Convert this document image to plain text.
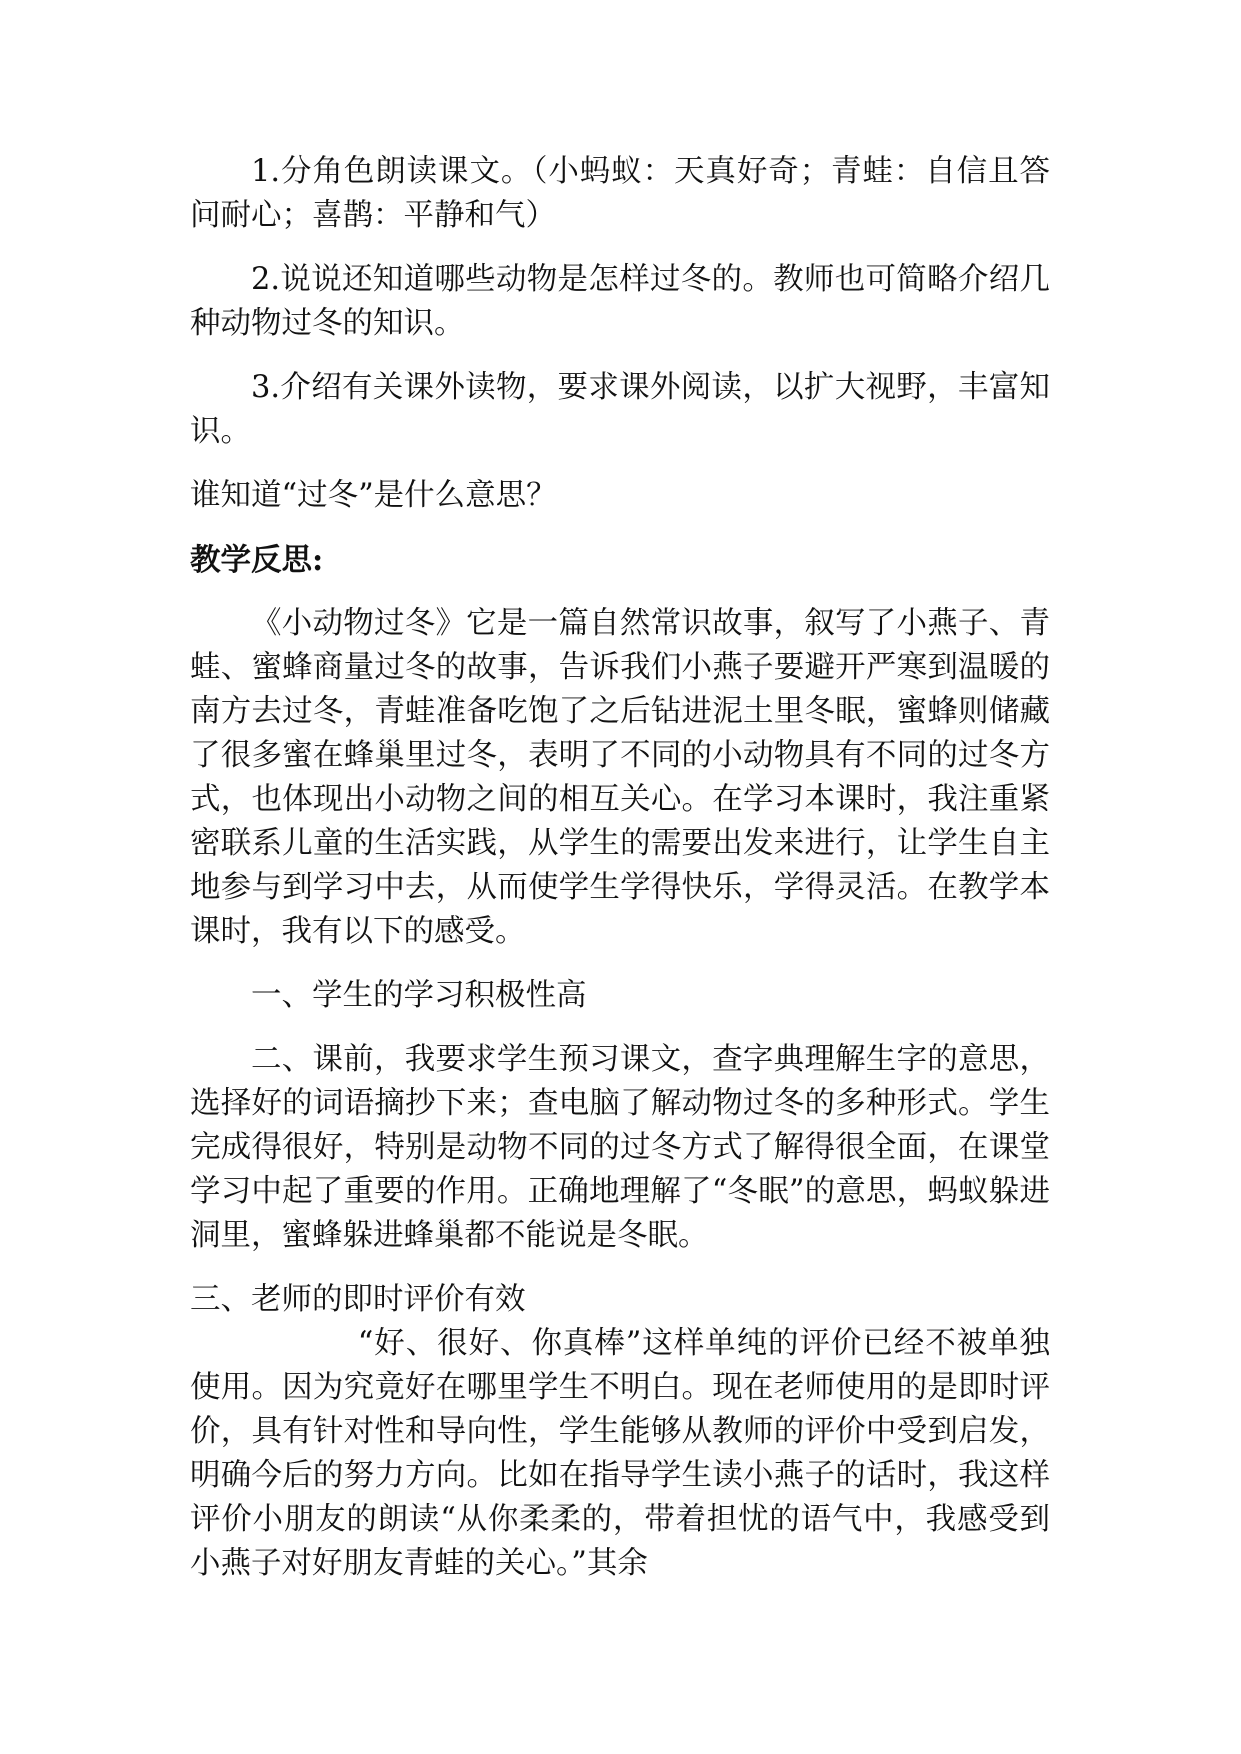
1.分角色朗读课文。（小蚂蚁：天真好奇；青蛙：自信且答问耐心；喜鹊：平静和气）

2.说说还知道哪些动物是怎样过冬的。教师也可简略介绍几种动物过冬的知识。

3.介绍有关课外读物，要求课外阅读，以扩大视野，丰富知识。

谁知道“过冬”是什么意思？

教学反思:

《小动物过冬》它是一篇自然常识故事，叙写了小燕子、青蛙、蜜蜂商量过冬的故事，告诉我们小燕子要避开严寒到温暖的南方去过冬，青蛙准备吃饱了之后钻进泥土里冬眠，蜜蜂则储藏了很多蜜在蜂巢里过冬，表明了不同的小动物具有不同的过冬方式，也体现出小动物之间的相互关心。在学习本课时，我注重紧密联系儿童的生活实践，从学生的需要出发来进行，让学生自主地参与到学习中去，从而使学生学得快乐，学得灵活。在教学本课时，我有以下的感受。

一、学生的学习积极性高

二、课前，我要求学生预习课文，查字典理解生字的意思，选择好的词语摘抄下来；查电脑了解动物过冬的多种形式。学生完成得很好，特别是动物不同的过冬方式了解得很全面，在课堂学习中起了重要的作用。正确地理解了“冬眠”的意思，蚂蚁躲进洞里，蜜蜂躲进蜂巢都不能说是冬眠。

三、老师的即时评价有效

“好、很好、你真棒”这样单纯的评价已经不被单独使用。因为究竟好在哪里学生不明白。现在老师使用的是即时评价，具有针对性和导向性，学生能够从教师的评价中受到启发，明确今后的努力方向。比如在指导学生读小燕子的话时，我这样评价小朋友的朗读“从你柔柔的，带着担忧的语气中，我感受到小燕子对好朋友青蛙的关心。”其余
